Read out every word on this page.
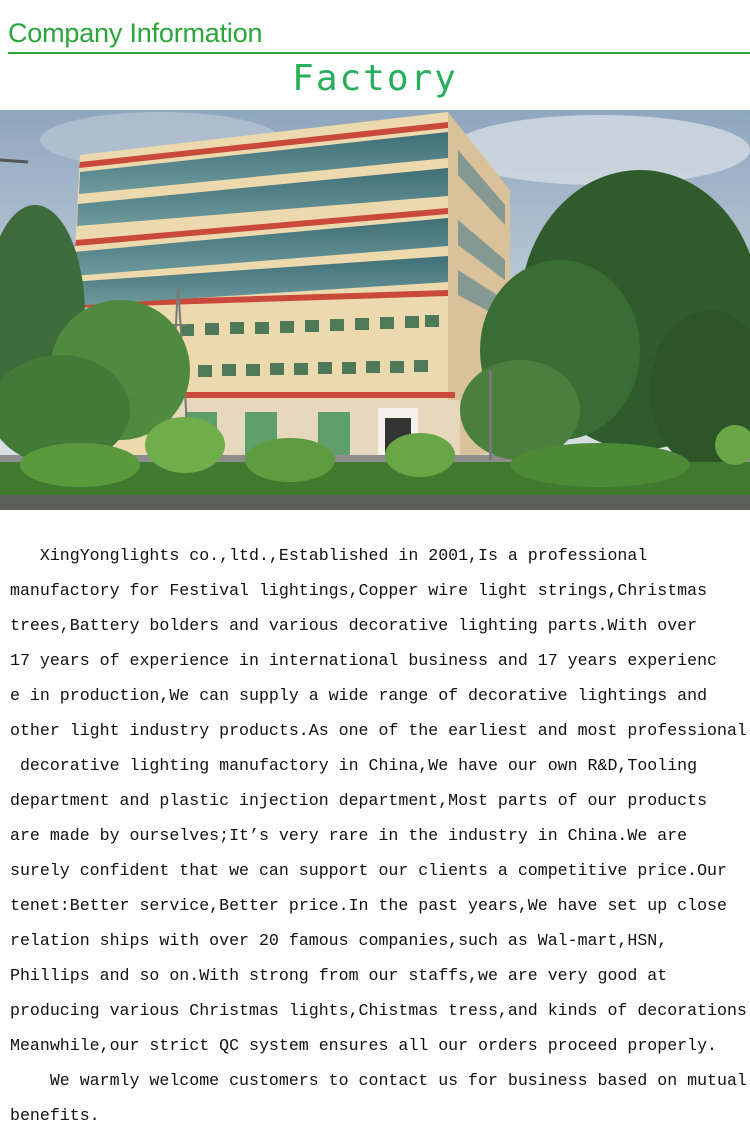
Company Information
Factory
XingYonglights co.,ltd.,Established in 2001,Is a professional
manufactory for Festival lightings,Copper wire light strings,Christmas
trees,Battery bolders and various decorative lighting parts.With over
17 years of experience in international business and 17 years experienc
e in production,We can supply a wide range of decorative lightings and
other light industry products.As one of the earliest and most professional
decorative lighting manufactory in China,We have our own R&D,Tooling
department and plastic injection department,Most parts of our products
are made by ourselves;It’s very rare in the industry in China.We are
surely confident that we can support our clients a competitive price.Our
tenet:Better service,Better price.In the past years,We have set up close
relation ships with over 20 famous companies,such as Wal-mart,HSN,
Phillips and so on.With strong from our staffs,we are very good at
producing various Christmas lights,Chistmas tress,and kinds of decorations
Meanwhile,our strict QC system ensures all our orders proceed properly.
We warmly welcome customers to contact us for business based on mutual
benefits.
